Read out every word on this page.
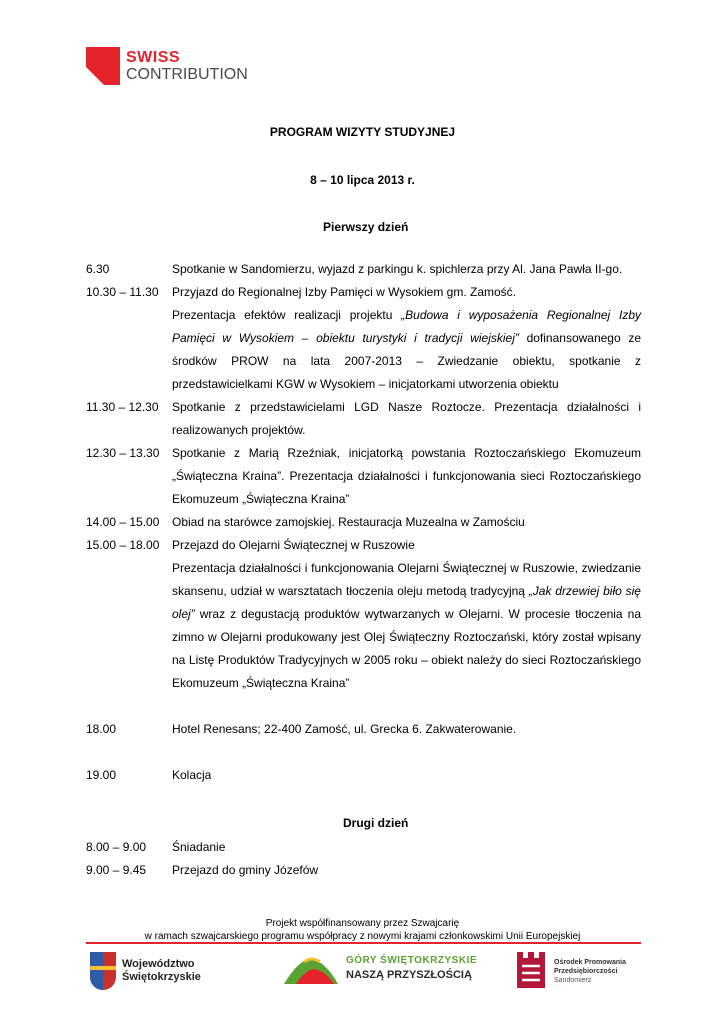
SWISS
CONTRIBUTION
PROGRAM WIZYTY STUDYJNEJ
8 – 10 lipca 2013 r.
Pierwszy dzień
6.30	Spotkanie w Sandomierzu, wyjazd z parkingu k. spichlerza przy Al. Jana Pawła II-go.
10.30 – 11.30	Przyjazd do Regionalnej Izby Pamięci w Wysokiem gm. Zamość.
Prezentacja efektów realizacji projektu „Budowa i wyposażenia Regionalnej Izby Pamięci w Wysokiem – obiektu turystyki i tradycji wiejskiej” dofinansowanego ze środków PROW na lata 2007-2013 – Zwiedzanie obiektu, spotkanie z przedstawicielkami KGW w Wysokiem – inicjatorkami utworzenia obiektu
11.30 – 12.30	Spotkanie z przedstawicielami LGD Nasze Roztocze. Prezentacja działalności i realizowanych projektów.
12.30 – 13.30	Spotkanie z Marią Rzeźniak, inicjatorką powstania Roztoczańskiego Ekomuzeum „Świąteczna Kraina”. Prezentacja działalności i funkcjonowania sieci Roztoczańskiego Ekomuzeum „Świąteczna Kraina”
14.00 – 15.00	Obiad na starówce zamojskiej. Restauracja Muzealna w Zamościu
15.00 – 18.00	Przejazd do Olejarni Świątecznej w Ruszowie
Prezentacja działalności i funkcjonowania Olejarni Świątecznej w Ruszowie, zwiedzanie skansenu, udział w warsztatach tłoczenia oleju metodą tradycyjną „Jak drzewiej biło się olej” wraz z degustacją produktów wytwarzanych w Olejarni. W procesie tłoczenia na zimno w Olejarni produkowany jest Olej Świąteczny Roztoczański, który został wpisany na Listę Produktów Tradycyjnych w 2005 roku – obiekt należy do sieci Roztoczańskiego Ekomuzeum „Świąteczna Kraina”
18.00	Hotel Renesans; 22-400 Zamość, ul. Grecka 6. Zakwaterowanie.
19.00	Kolacja
Drugi dzień
8.00 – 9.00	Śniadanie
9.00 – 9.45	Przejazd do gminy Józefów
Projekt współfinansowany przez Szwajcarię
w ramach szwajcarskiego programu współpracy z nowymi krajami członkowskimi Unii Europejskiej
Województwo
Świętokrzyskie
GÓRY ŚWIĘTOKRZYSKIE
NASZĄ PRZYSZŁOŚCIĄ
Ośrodek Promowania
Przedsiębiorczości
Sandomierz
